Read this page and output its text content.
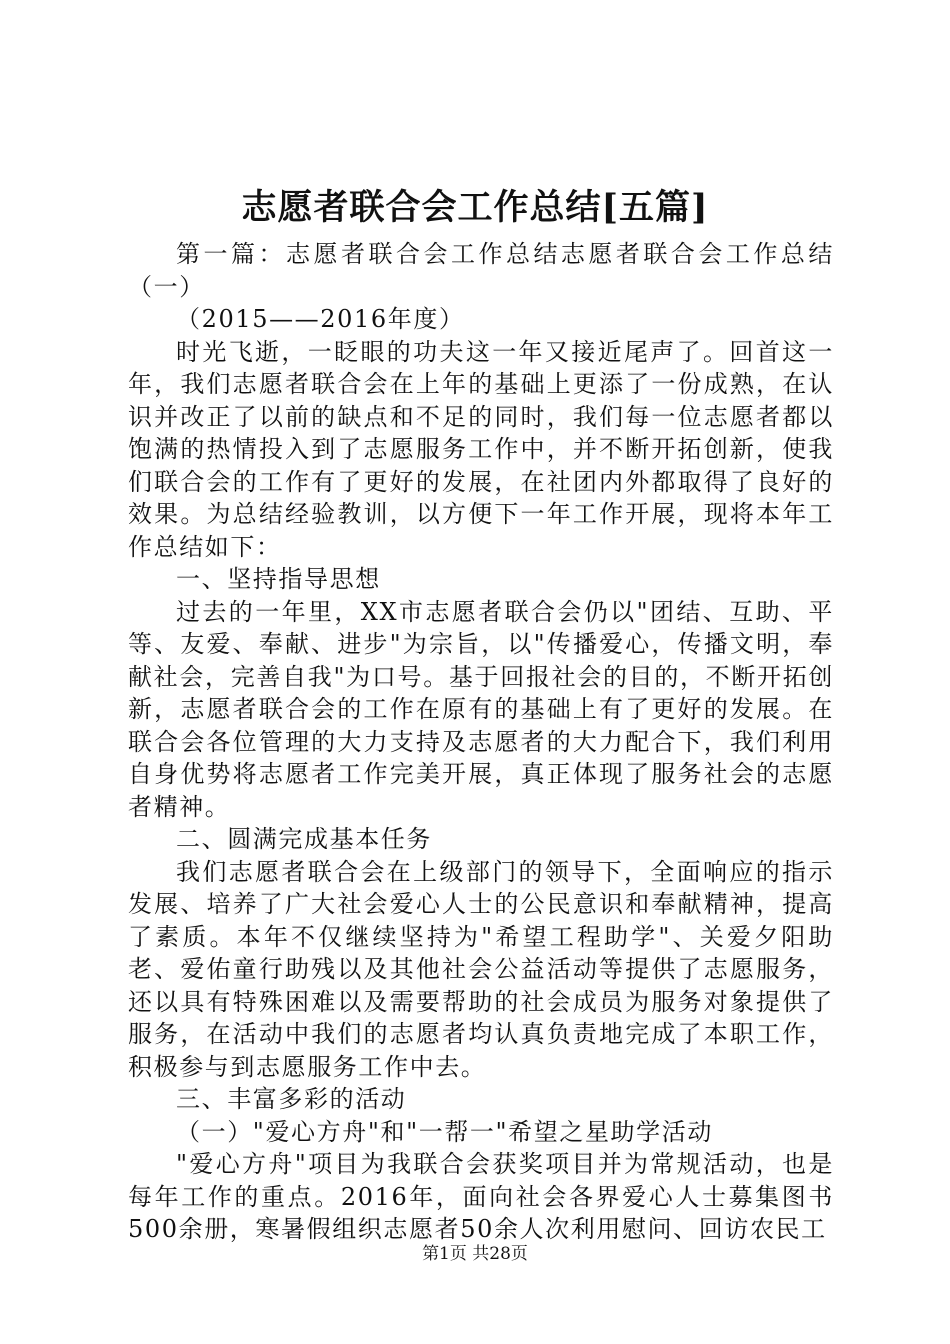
志愿者联合会工作总结[五篇]

第一篇：志愿者联合会工作总结志愿者联合会工作总结（一）

（2015——2016年度）

时光飞逝，一眨眼的功夫这一年又接近尾声了。回首这一年，我们志愿者联合会在上年的基础上更添了一份成熟，在认识并改正了以前的缺点和不足的同时，我们每一位志愿者都以饱满的热情投入到了志愿服务工作中，并不断开拓创新，使我们联合会的工作有了更好的发展，在社团内外都取得了良好的效果。为总结经验教训，以方便下一年工作开展，现将本年工作总结如下：

一、坚持指导思想

过去的一年里，XX市志愿者联合会仍以"团结、互助、平等、友爱、奉献、进步"为宗旨，以"传播爱心，传播文明，奉献社会，完善自我"为口号。基于回报社会的目的，不断开拓创新，志愿者联合会的工作在原有的基础上有了更好的发展。在联合会各位管理的大力支持及志愿者的大力配合下，我们利用自身优势将志愿者工作完美开展，真正体现了服务社会的志愿者精神。

二、圆满完成基本任务

我们志愿者联合会在上级部门的领导下，全面响应的指示发展、培养了广大社会爱心人士的公民意识和奉献精神，提高了素质。本年不仅继续坚持为"希望工程助学"、关爱夕阳助老、爱佑童行助残以及其他社会公益活动等提供了志愿服务，还以具有特殊困难以及需要帮助的社会成员为服务对象提供了服务，在活动中我们的志愿者均认真负责地完成了本职工作，积极参与到志愿服务工作中去。

三、丰富多彩的活动

（一）"爱心方舟"和"一帮一"希望之星助学活动

"爱心方舟"项目为我联合会获奖项目并为常规活动，也是每年工作的重点。2016年，面向社会各界爱心人士募集图书500余册，寒暑假组织志愿者50余人次利用慰问、回访农民工

第1页 共28页
